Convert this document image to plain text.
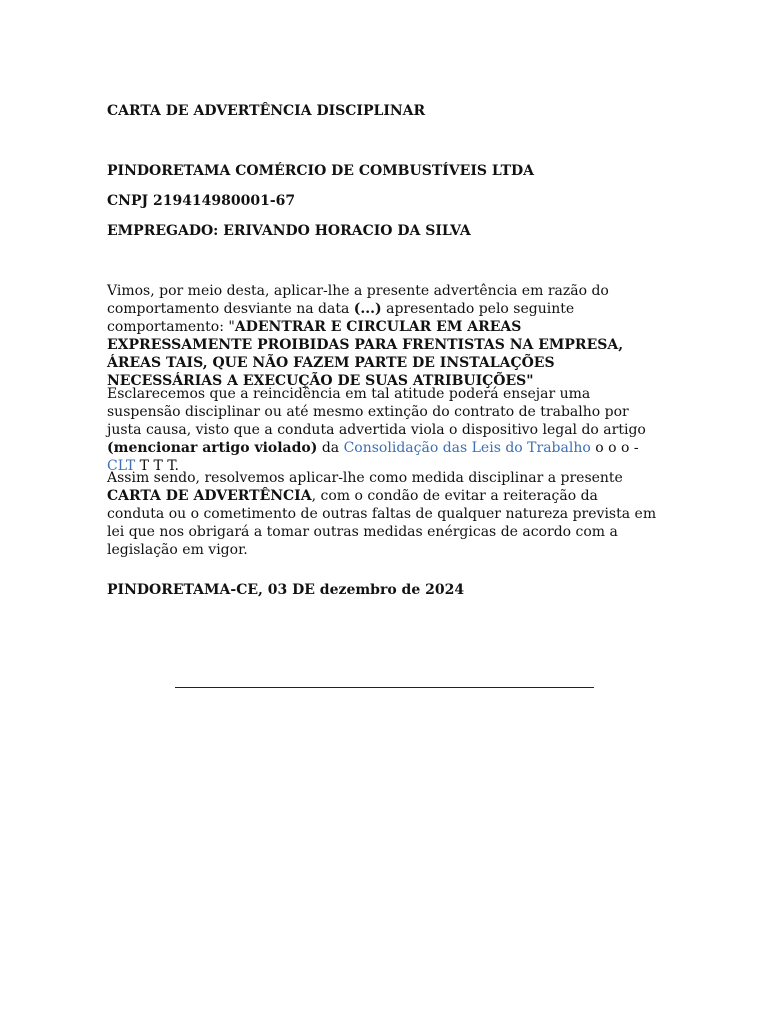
CARTA DE ADVERTÊNCIA DISCIPLINAR
PINDORETAMA COMÉRCIO DE COMBUSTÍVEIS LTDA
CNPJ 219414980001-67
EMPREGADO: ERIVANDO HORACIO DA SILVA

Vimos, por meio desta, aplicar-lhe a presente advertência em razão do comportamento desviante na data (...) apresentado pelo seguinte comportamento: "ADENTRAR E CIRCULAR EM AREAS EXPRESSAMENTE PROIBIDAS PARA FRENTISTAS NA EMPRESA, ÁREAS TAIS, QUE NÃO FAZEM PARTE DE INSTALAÇÕES NECESSÁRIAS A EXECUÇÃO DE SUAS ATRIBUIÇÕES"

Esclarecemos que a reincidência em tal atitude poderá ensejar uma suspensão disciplinar ou até mesmo extinção do contrato de trabalho por justa causa, visto que a conduta advertida viola o dispositivo legal do artigo (mencionar artigo violado) da Consolidação das Leis do Trabalho o o o - CLT T T T.

Assim sendo, resolvemos aplicar-lhe como medida disciplinar a presente CARTA DE ADVERTÊNCIA, com o condão de evitar a reiteração da conduta ou o cometimento de outras faltas de qualquer natureza prevista em lei que nos obrigará a tomar outras medidas enérgicas de acordo com a legislação em vigor.

PINDORETAMA-CE, 03 DE dezembro de 2024
